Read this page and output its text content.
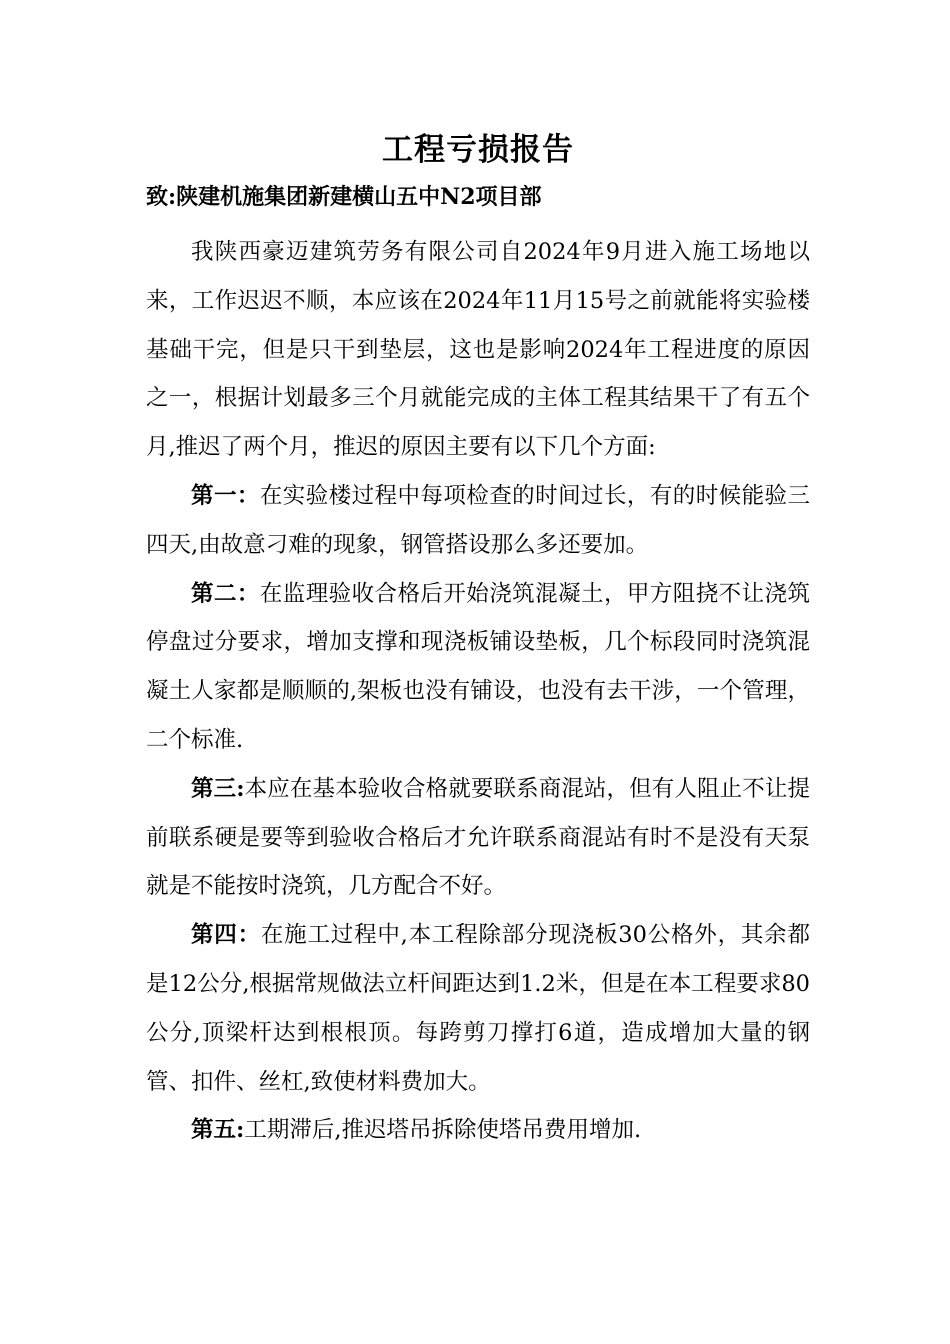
工程亏损报告

致:陕建机施集团新建横山五中N2项目部

我陕西豪迈建筑劳务有限公司自2024年9月进入施工场地以来，工作迟迟不顺，本应该在2024年11月15号之前就能将实验楼基础干完，但是只干到垫层，这也是影响2024年工程进度的原因之一，根据计划最多三个月就能完成的主体工程其结果干了有五个月,推迟了两个月，推迟的原因主要有以下几个方面:

第一：在实验楼过程中每项检查的时间过长，有的时候能验三四天,由故意刁难的现象，钢管搭设那么多还要加。

第二：在监理验收合格后开始浇筑混凝土，甲方阻挠不让浇筑停盘过分要求，增加支撑和现浇板铺设垫板，几个标段同时浇筑混凝土人家都是顺顺的,架板也没有铺设，也没有去干涉，一个管理，二个标准.

第三:本应在基本验收合格就要联系商混站，但有人阻止不让提前联系硬是要等到验收合格后才允许联系商混站有时不是没有天泵就是不能按时浇筑，几方配合不好。

第四：在施工过程中,本工程除部分现浇板30公格外，其余都是12公分,根据常规做法立杆间距达到1.2米，但是在本工程要求80公分,顶梁杆达到根根顶。每跨剪刀撑打6道，造成增加大量的钢管、扣件、丝杠,致使材料费加大。

第五:工期滞后,推迟塔吊拆除使塔吊费用增加.
